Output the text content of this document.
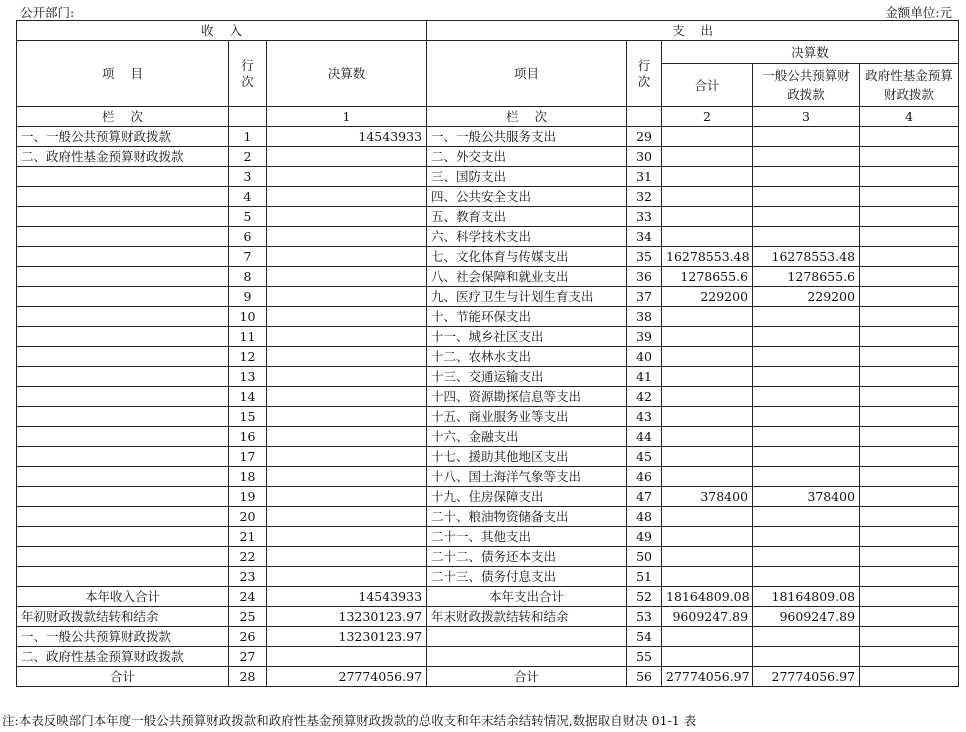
公开部门:	金额单位:元
收    入			支    出				
项    目	行次	决算数	项目	行次	决算数		
					合计	一般公共预算财政拨款	政府性基金预算财政拨款
栏    次		1	栏    次		2	3	4
一、一般公共预算财政拨款	1	14543933	一、一般公共服务支出	29			
二、政府性基金预算财政拨款	2		二、外交支出	30			
	3		三、国防支出	31			
	4		四、公共安全支出	32			
	5		五、教育支出	33			
	6		六、科学技术支出	34			
	7		七、文化体育与传媒支出	35	16278553.48	16278553.48	
	8		八、社会保障和就业支出	36	1278655.6	1278655.6	
	9		九、医疗卫生与计划生育支出	37	229200	229200	
	10		十、节能环保支出	38			
	11		十一、城乡社区支出	39			
	12		十二、农林水支出	40			
	13		十三、交通运输支出	41			
	14		十四、资源勘探信息等支出	42			
	15		十五、商业服务业等支出	43			
	16		十六、金融支出	44			
	17		十七、援助其他地区支出	45			
	18		十八、国土海洋气象等支出	46			
	19		十九、住房保障支出	47	378400	378400	
	20		二十、粮油物资储备支出	48			
	21		二十一、其他支出	49			
	22		二十二、债务还本支出	50			
	23		二十三、债务付息支出	51			
本年收入合计	24	14543933	本年支出合计	52	18164809.08	18164809.08	
年初财政拨款结转和结余	25	13230123.97	年末财政拨款结转和结余	53	9609247.89	9609247.89	
一、一般公共预算财政拨款	26	13230123.97		54			
二、政府性基金预算财政拨款	27			55			
合计	28	27774056.97	合计	56	27774056.97	27774056.97	
注:本表反映部门本年度一般公共预算财政拨款和政府性基金预算财政拨款的总收支和年末结余结转情况,数据取自财决 01-1 表
